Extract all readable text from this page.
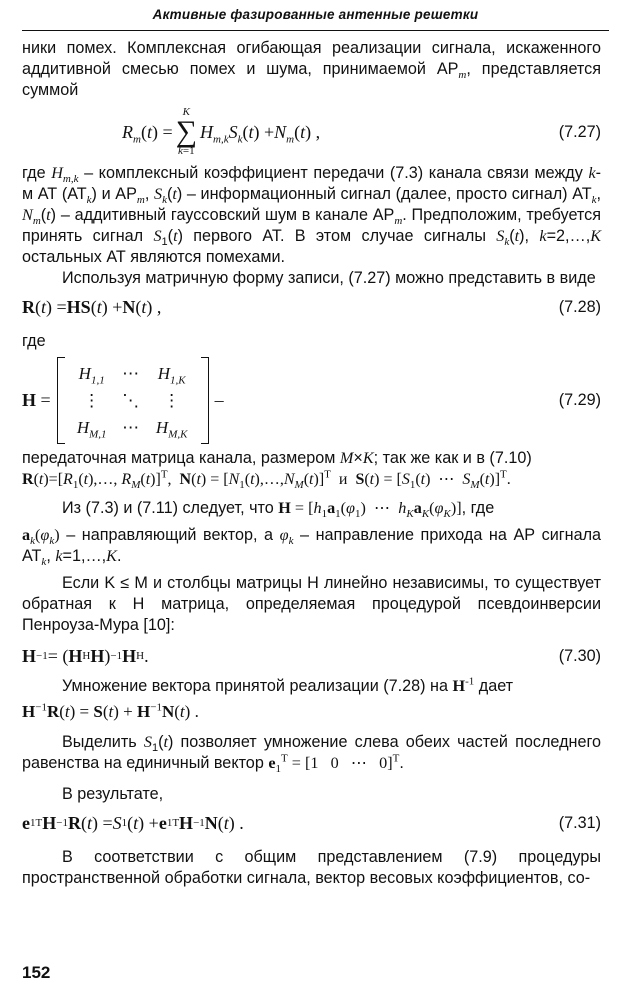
Активные фазированные антенные решетки

ники помех. Комплексная огибающая реализации сигнала, искаженного аддитивной смесью помех и шума, принимаемой $AP_m$, представляется суммой

$R_m$ ( t ) =
K
∑
k=1
$H_{m,k}S_k$ ( t ) + $N_m$ ( t ) ,	(7.27)

где $H_{m,k}$ – комплексный коэффициент передачи (7.3) канала связи между k-м АТ $(АТ_k)$ и $АР_m$, $S_k(t)$ – информационный сигнал (далее, просто сигнал) $АТ_k$, $N_m(t)$ – аддитивный гауссовский шум в канале $АР_m$. Предположим, требуется принять сигнал $S_1(t)$ первого АТ. В этом случае сигналы $S_k(t)$, k=2,…,K остальных АТ являются помехами.

Используя матричную форму записи, (7.27) можно представить в виде

R ( t ) = HS ( t ) + N ( t ) ,	(7.28)

где

H =
$H_{1,1}$	⋯	$H_{1,K}$
⋮	⋱	⋮
$H_{M,1}$ ⋯ $H_{M,K}$
–	(7.29)

передаточная матрица канала, размером M×K; так же как и в (7.10)

$R(t)=[R_1(t),\dots$, $R_M(t)]^T$,  $N(t) = [N_1(t),\dots,N_M(t)]^T$  и  $S(t) = [S_1(t)$  ⋯  $S_M(t)]^T$.

Из (7.3) и (7.11) следует, что $H = [h_1a_1(\varphi_1)$  ⋯  $h_Ka_K(\varphi_K)$], где

$a_k(\varphi_k)$ – направляющий вектор, а $\varphi_k$ – направление прихода на АР сигнала $АТ_k$, k=1,…,K.

Если K ≤ M и столбцы матрицы H линейно независимы, то существует обратная к H матрица, определяемая процедурой псевдоинверсии Пенроуза-Мура [10]:

H −1 = ( H H H ) −1 H H .	(7.30)

Умножение вектора принятой реализации (7.28) на $H^{-1}$ дает

$H^{-1}R(t) = S(t) + H^{-1}N(t)$ .

Выделить $S_1(t)$ позволяет умножение слева обеих частей последнего равенства на единичный вектор $e_1^T = [1$   0   ⋯   0]$^T$.

В результате,

e 1 T H −1 R ( t ) = S 1 ( t ) + e 1 T H −1 N ( t ) .	(7.31)

В соответствии с общим представлением (7.9) процедуры пространственной обработки сигнала, вектор весовых коэффициентов, со-

152
